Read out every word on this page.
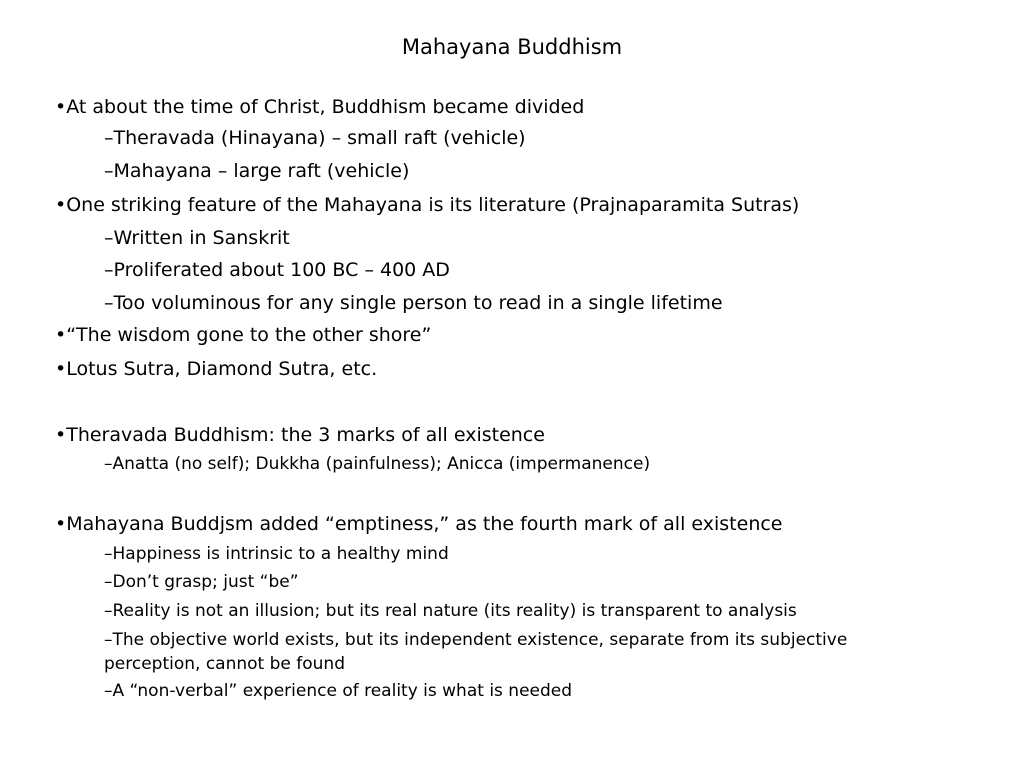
Mahayana Buddhism
•At about the time of Christ, Buddhism became divided
–Theravada (Hinayana) – small raft (vehicle)
–Mahayana – large raft (vehicle)
•One striking feature of the Mahayana is its literature (Prajnaparamita Sutras)
–Written in Sanskrit
–Proliferated about 100 BC – 400 AD
–Too voluminous for any single person to read in a single lifetime
•“The wisdom gone to the other shore”
•Lotus Sutra, Diamond Sutra, etc.
•Theravada Buddhism: the 3 marks of all existence
–Anatta (no self); Dukkha (painfulness); Anicca (impermanence)
•Mahayana Buddjsm added “emptiness,” as the fourth mark of all existence
–Happiness is intrinsic to a healthy mind
–Don’t grasp; just “be”
–Reality is not an illusion; but its real nature (its reality) is transparent to analysis
–The objective world exists, but its independent existence, separate from its subjective perception, cannot be found
–A “non-verbal” experience of reality is what is needed
